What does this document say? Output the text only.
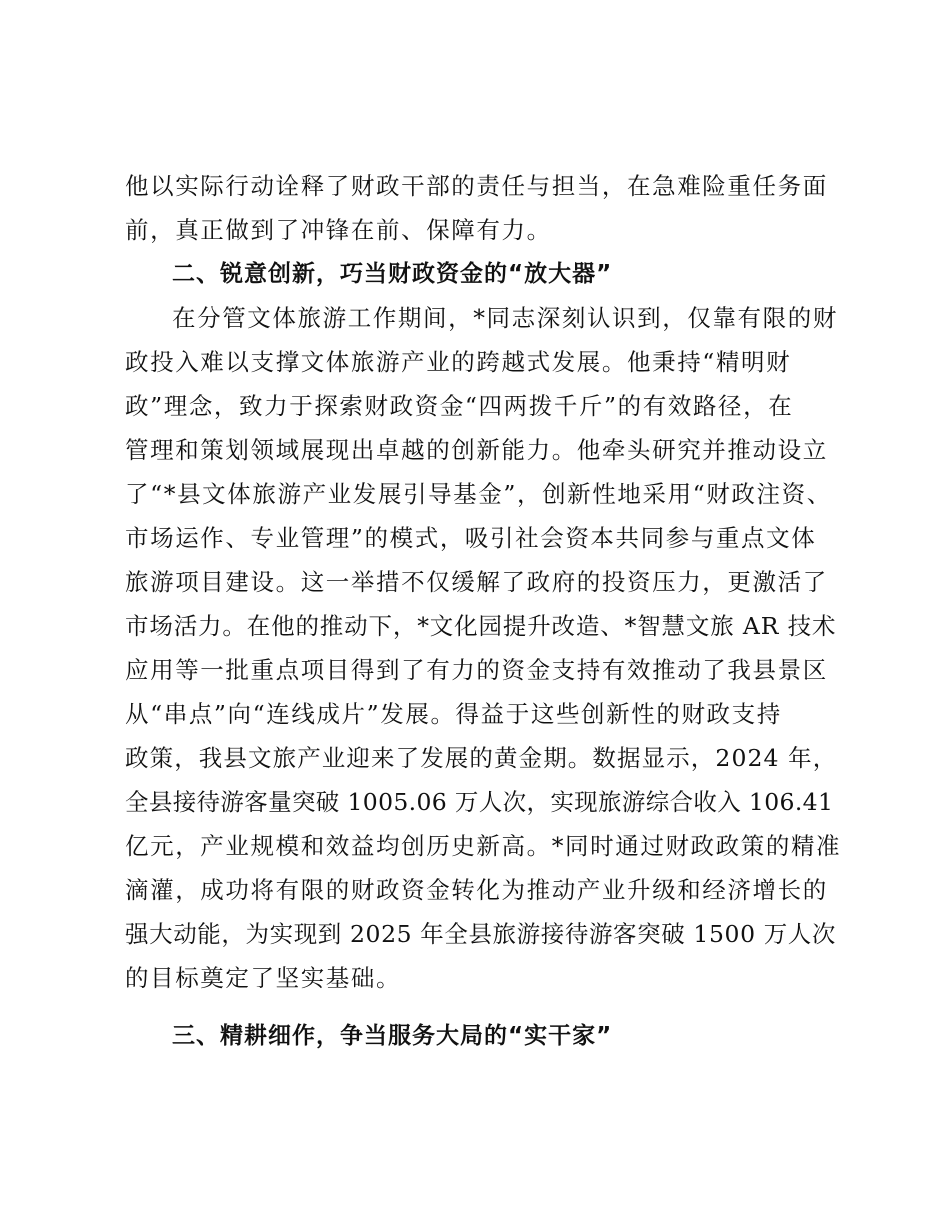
他以实际行动诠释了财政干部的责任与担当，在急难险重任务面
前，真正做到了冲锋在前、保障有力。
二、锐意创新，巧当财政资金的“放大器”
在分管文体旅游工作期间，*同志深刻认识到，仅靠有限的财
政投入难以支撑文体旅游产业的跨越式发展。他秉持“精明财
政”理念，致力于探索财政资金“四两拨千斤”的有效路径，在
管理和策划领域展现出卓越的创新能力。他牵头研究并推动设立
了“*县文体旅游产业发展引导基金”，创新性地采用“财政注资、
市场运作、专业管理”的模式，吸引社会资本共同参与重点文体
旅游项目建设。这一举措不仅缓解了政府的投资压力，更激活了
市场活力。在他的推动下，*文化园提升改造、*智慧文旅 AR 技术
应用等一批重点项目得到了有力的资金支持有效推动了我县景区
从“串点”向“连线成片”发展。得益于这些创新性的财政支持
政策，我县文旅产业迎来了发展的黄金期。数据显示，2024 年，
全县接待游客量突破 1005.06 万人次，实现旅游综合收入 106.41
亿元，产业规模和效益均创历史新高。*同时通过财政政策的精准
滴灌，成功将有限的财政资金转化为推动产业升级和经济增长的
强大动能，为实现到 2025 年全县旅游接待游客突破 1500 万人次
的目标奠定了坚实基础。
三、精耕细作，争当服务大局的“实干家”
